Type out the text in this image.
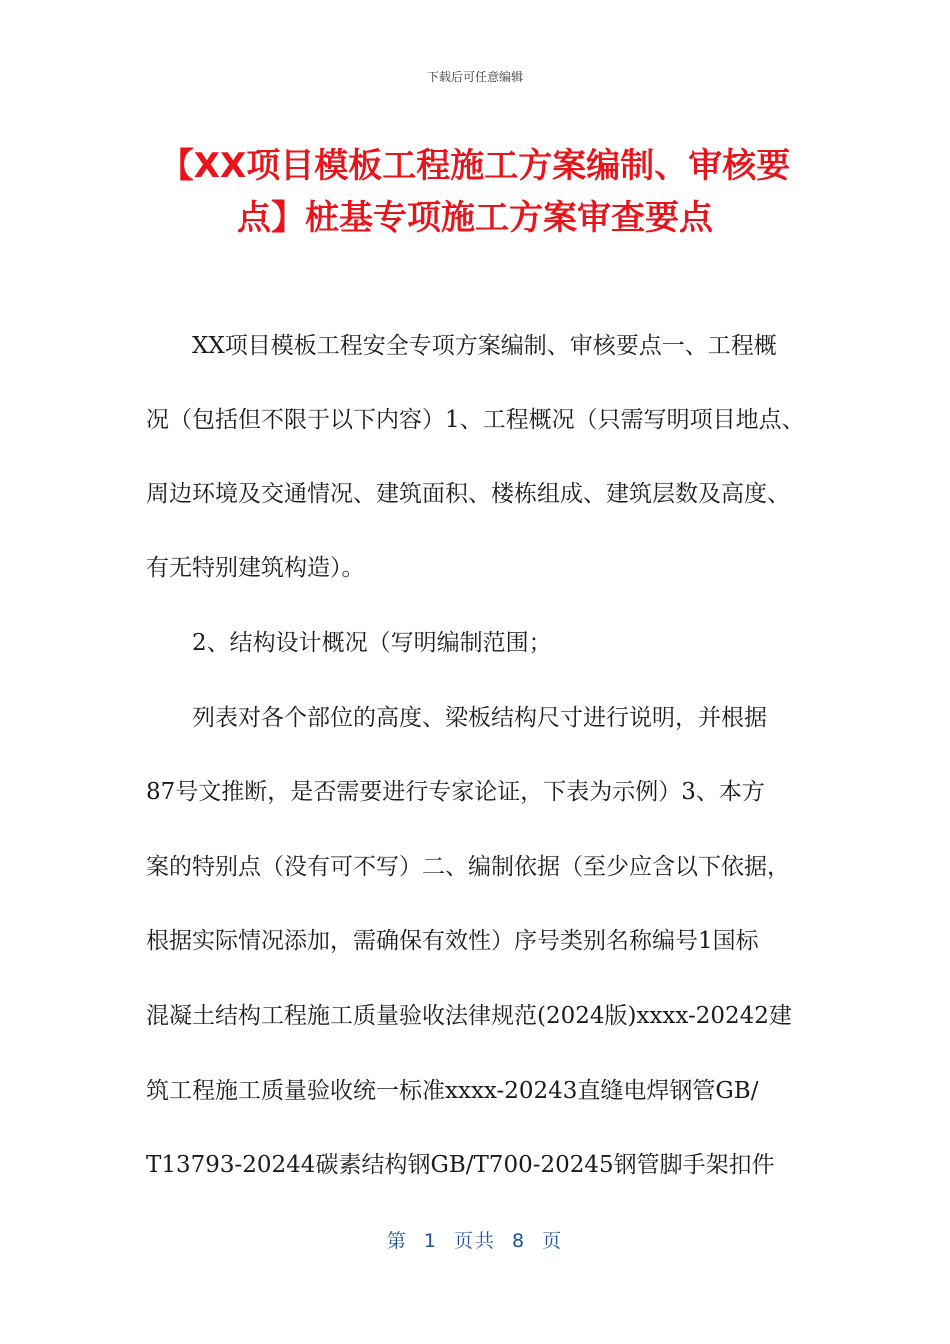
下载后可任意编辑
【XX项目模板工程施工方案编制、审核要
点】桩基专项施工方案审查要点
XX项目模板工程安全专项方案编制、审核要点一、工程概
况（包括但不限于以下内容）1、工程概况（只需写明项目地点、
周边环境及交通情况、建筑面积、楼栋组成、建筑层数及高度、
有无特别建筑构造）。
2、结构设计概况（写明编制范围；
列表对各个部位的高度、梁板结构尺寸进行说明，并根据
87号文推断，是否需要进行专家论证，下表为示例）3、本方
案的特别点（没有可不写）二、编制依据（至少应含以下依据，
根据实际情况添加，需确保有效性）序号类别名称编号1国标
混凝土结构工程施工质量验收法律规范(2024版)xxxx-20242建
筑工程施工质量验收统一标准xxxx-20243直缝电焊钢管GB/
T13793-20244碳素结构钢GB/T700-20245钢管脚手架扣件
第 1 页共 8 页
